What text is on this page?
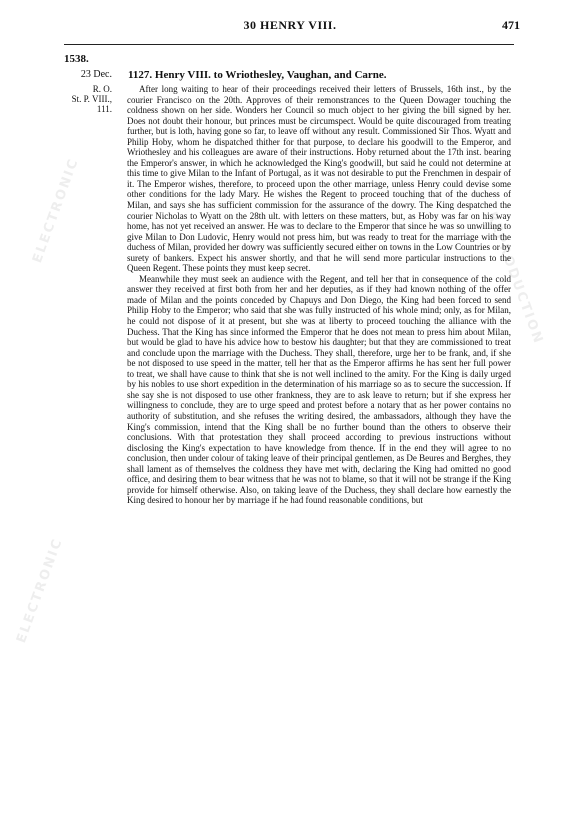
ELECTRONIC	REPRODUCTION
ELECTRONIC
30 HENRY VIII.	471
1538.
23 Dec.
R. O.
St. P. VIII.,
111.
1127. Henry VIII. to Wriothesley, Vaughan, and Carne.

After long waiting to hear of their proceedings received their letters of Brussels, 16th inst., by the courier Francisco on the 20th. Approves of their remonstrances to the Queen Dowager touching the coldness shown on her side. Wonders her Council so much object to her giving the bill signed by her. Does not doubt their honour, but princes must be circumspect. Would be quite discouraged from treating further, but is loth, having gone so far, to leave off without any result. Commissioned Sir Thos. Wyatt and Philip Hoby, whom he dispatched thither for that purpose, to declare his goodwill to the Emperor, and Wriothesley and his colleagues are aware of their instructions. Hoby returned about the 17th inst. bearing the Emperor's answer, in which he acknowledged the King's goodwill, but said he could not determine at this time to give Milan to the Infant of Portugal, as it was not desirable to put the Frenchmen in despair of it. The Emperor wishes, therefore, to proceed upon the other marriage, unless Henry could devise some other conditions for the lady Mary. He wishes the Regent to proceed touching that of the duchess of Milan, and says she has sufficient commission for the assurance of the dowry. The King despatched the courier Nicholas to Wyatt on the 28th ult. with letters on these matters, but, as Hoby was far on his way home, has not yet received an answer. He was to declare to the Emperor that since he was so unwilling to give Milan to Don Ludovic, Henry would not press him, but was ready to treat for the marriage with the duchess of Milan, provided her dowry was sufficiently secured either on towns in the Low Countries or by surety of bankers. Expect his answer shortly, and that he will send more particular instructions to the Queen Regent. These points they must keep secret.

Meanwhile they must seek an audience with the Regent, and tell her that in consequence of the cold answer they received at first both from her and her deputies, as if they had known nothing of the offer made of Milan and the points conceded by Chapuys and Don Diego, the King had been forced to send Philip Hoby to the Emperor; who said that she was fully instructed of his whole mind; only, as for Milan, he could not dispose of it at present, but she was at liberty to proceed touching the alliance with the Duchess. That the King has since informed the Emperor that he does not mean to press him about Milan, but would be glad to have his advice how to bestow his daughter; but that they are commissioned to treat and conclude upon the marriage with the Duchess. They shall, therefore, urge her to be frank, and, if she be not disposed to use speed in the matter, tell her that as the Emperor affirms he has sent her full power to treat, we shall have cause to think that she is not well inclined to the amity. For the King is daily urged by his nobles to use short expedition in the determination of his marriage so as to secure the succession. If she say she is not disposed to use other frankness, they are to ask leave to return; but if she express her willingness to conclude, they are to urge speed and protest before a notary that as her power contains no authority of substitution, and she refuses the writing desired, the ambassadors, although they have the King's commission, intend that the King shall be no further bound than the others to observe their conclusions. With that protestation they shall proceed according to previous instructions without disclosing the King's expectation to have knowledge from thence. If in the end they will agree to no conclusion, then under colour of taking leave of their principal gentlemen, as De Beures and Berghes, they shall lament as of themselves the coldness they have met with, declaring the King had omitted no good office, and desiring them to bear witness that he was not to blame, so that it will not be strange if the King provide for himself otherwise. Also, on taking leave of the Duchess, they shall declare how earnestly the King desired to honour her by marriage if he had found reasonable conditions, but
